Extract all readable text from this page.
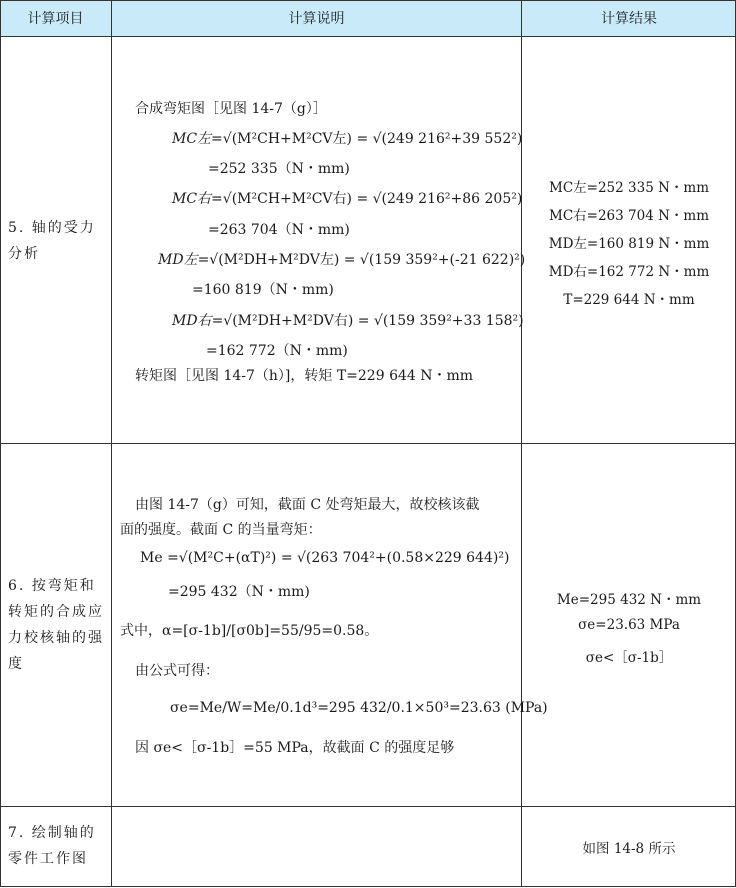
计算项目	计算说明	计算结果
5. 轴的受力分析
合成弯矩图［见图 14-7（g）］
MC左=√(M²CH+M²CV左) = √(249 216²+39 552²)
=252 335（N・mm)
MC右=√(M²CH+M²CV右) = √(249 216²+86 205²)
=263 704（N・mm)
MD左=√(M²DH+M²DV左) = √(159 359²+(-21 622)²)
=160 819（N・mm)
MD右=√(M²DH+M²DV右) = √(159 359²+33 158²)
=162 772（N・mm)
转矩图［见图 14-7（h）]，转矩 T=229 644 N・mm
MC左=252 335 N・mm
MC右=263 704 N・mm
MD左=160 819 N・mm
MD右=162 772 N・mm
T=229 644 N・mm
6. 按弯矩和转矩的合成应力校核轴的强度
由图 14-7（g）可知，截面 C 处弯矩最大，故校核该截
面的强度。截面 C 的当量弯矩：
Me =√(M²C+(αT)²) = √(263 704²+(0.58×229 644)²)
=295 432（N・mm)
式中，α=[σ-1b]/[σ0b]=55/95=0.58。
由公式可得：
σe=Me/W=Me/0.1d³=295 432/0.1×50³=23.63 (MPa)
因 σe<［σ-1b］=55 MPa，故截面 C 的强度足够
Me=295 432 N・mm
σe=23.63 MPa
σe<［σ-1b］
7. 绘制轴的零件工作图
如图 14-8 所示
